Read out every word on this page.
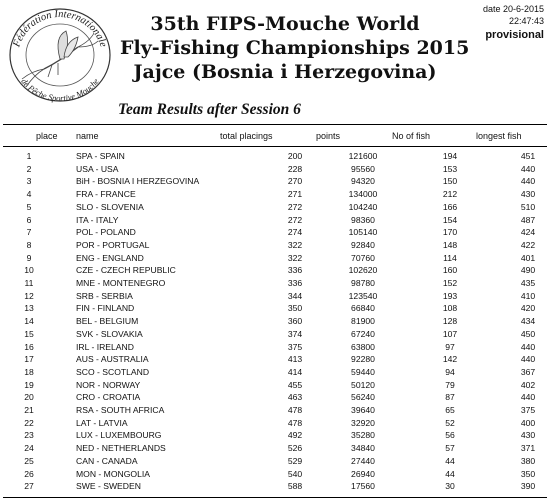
Fédération Internationale
de Pêche Sportive Mouche
35th FIPS-Mouche World
Fly-Fishing Championships 2015
Jajce (Bosnia i Herzegovina)
date 20-6-2015
22:47:43
provisional
Team Results after Session 6
place name	total placings	points	No of fish	longest fish
1	SPA - SPAIN	200	121600	194	451
2	USA - USA	228	95560	153	440
3	BiH - BOSNIA I HERZEGOVINA	270	94320	150	440
4	FRA - FRANCE	271	134000	212	430
5	SLO - SLOVENIA	272	104240	166	510
6	ITA - ITALY	272	98360	154	487
7	POL - POLAND	274	105140	170	424
8	POR - PORTUGAL	322	92840	148	422
9	ENG - ENGLAND	322	70760	114	401
10	CZE - CZECH REPUBLIC	336	102620	160	490
11	MNE - MONTENEGRO	336	98780	152	435
12	SRB - SERBIA	344	123540	193	410
13	FIN - FINLAND	350	66840	108	420
14	BEL - BELGIUM	360	81900	128	434
15	SVK - SLOVAKIA	374	67240	107	450
16	IRL - IRELAND	375	63800	97	440
17	AUS - AUSTRALIA	413	92280	142	440
18	SCO - SCOTLAND	414	59440	94	367
19	NOR - NORWAY	455	50120	79	402
20	CRO - CROATIA	463	56240	87	440
21	RSA - SOUTH AFRICA	478	39640	65	375
22	LAT - LATVIA	478	32920	52	400
23	LUX - LUXEMBOURG	492	35280	56	430
24	NED - NETHERLANDS	526	34840	57	371
25	CAN - CANADA	529	27440	44	380
26	MON - MONGOLIA	540	26940	44	350
27	SWE - SWEDEN	588	17560	30	390
